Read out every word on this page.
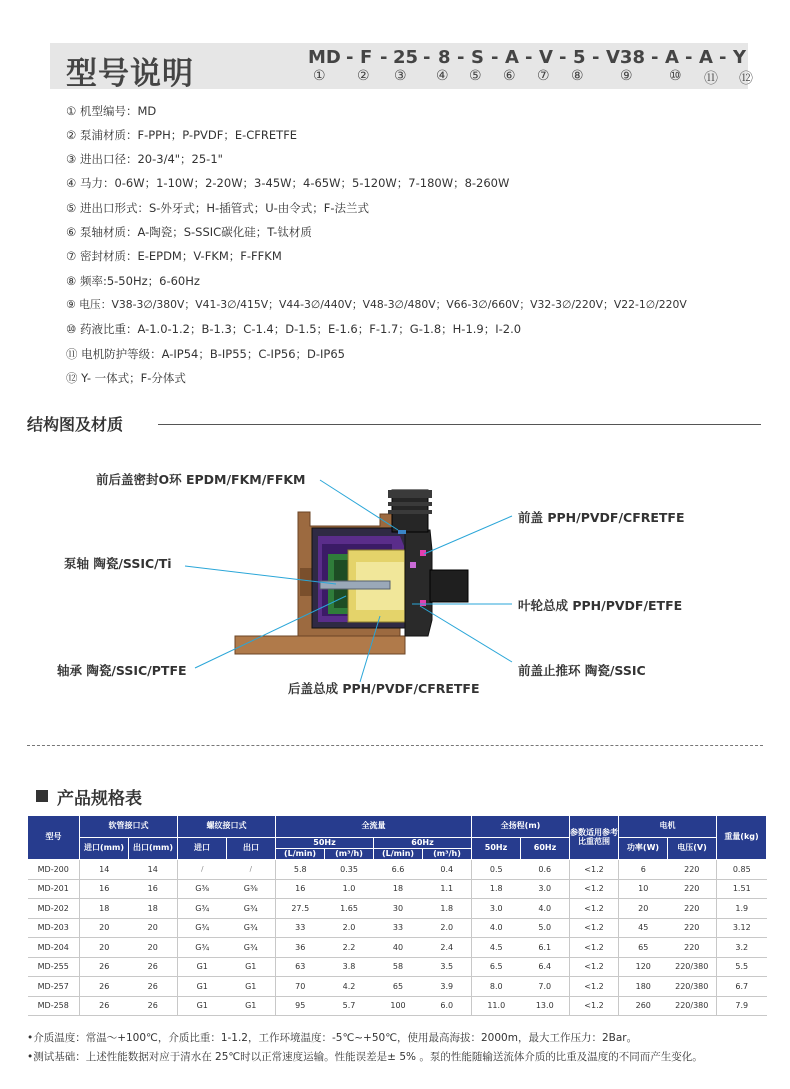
型号说明	MD - F - 25 - 8 - S - A - V - 5 - V38 - A - A - Y
① ② ③ ④ ⑤ ⑥ ⑦ ⑧	⑨	⑩ ⑪ ⑫
① 机型编号：MD
② 泵浦材质：F-PPH；P-PVDF；E-CFRETFE
③ 进出口径：20-3/4"；25-1"
④ 马力：0-6W；1-10W；2-20W；3-45W；4-65W；5-120W；7-180W；8-260W
⑤ 进出口形式：S-外牙式；H-插管式；U-由令式；F-法兰式
⑥ 泵轴材质：A-陶瓷；S-SSIC碳化硅；T-钛材质
⑦ 密封材质：E-EPDM；V-FKM；F-FFKM
⑧ 频率:5-50Hz；6-60Hz
⑨ 电压：V38-3∅/380V；V41-3∅/415V；V44-3∅/440V；V48-3∅/480V；V66-3∅/660V；V32-3∅/220V；V22-1∅/220V
⑩ 药液比重：A-1.0-1.2；B-1.3；C-1.4；D-1.5；E-1.6；F-1.7；G-1.8；H-1.9；I-2.0
⑪ 电机防护等级：A-IP54；B-IP55；C-IP56；D-IP65
⑫ Y- 一体式；F-分体式
结构图及材质
前后盖密封O环 EPDM/FKM/FFKM
前盖 PPH/PVDF/CFRETFE
泵轴 陶瓷/SSIC/Ti
叶轮总成 PPH/PVDF/ETFE
轴承 陶瓷/SSIC/PTFE	前盖止推环 陶瓷/SSIC
后盖总成 PPH/PVDF/CFRETFE
产品规格表
型号	软管接口式		螺纹接口式		全流量				全扬程(m)		参数适用参考比重范围	电机		重量(kg)
	进口(mm)	出口(mm)	进口	出口	50Hz		60Hz		50Hz	60Hz		功率(W)	电压(V)	
					(L/min)	(m³/h)	(L/min)	(m³/h)						
MD-200	14	14	/	/	5.8	0.35	6.6	0.4	0.5	0.6	<1.2	6	220	0.85
MD-201	16	16	G⅜	G⅜	16	1.0	18	1.1	1.8	3.0	<1.2	10	220	1.51
MD-202	18	18	G¾	G¾	27.5	1.65	30	1.8	3.0	4.0	<1.2	20	220	1.9
MD-203	20	20	G¾	G¾	33	2.0	33	2.0	4.0	5.0	<1.2	45	220	3.12
MD-204	20	20	G¾	G¾	36	2.2	40	2.4	4.5	6.1	<1.2	65	220	3.2
MD-255	26	26	G1	G1	63	3.8	58	3.5	6.5	6.4	<1.2	120	220/380	5.5
MD-257	26	26	G1	G1	70	4.2	65	3.9	8.0	7.0	<1.2	180	220/380	6.7
MD-258	26	26	G1	G1	95	5.7	100	6.0	11.0	13.0	<1.2	260	220/380	7.9
•介质温度：常温～+100℃，介质比重：1-1.2，工作环境温度：-5℃~+50℃，使用最高海拔：2000m，最大工作压力：2Bar。
•测试基础：上述性能数据对应于清水在 25℃时以正常速度运输。性能误差是± 5% 。泵的性能随输送流体介质的比重及温度的不同而产生变化。
